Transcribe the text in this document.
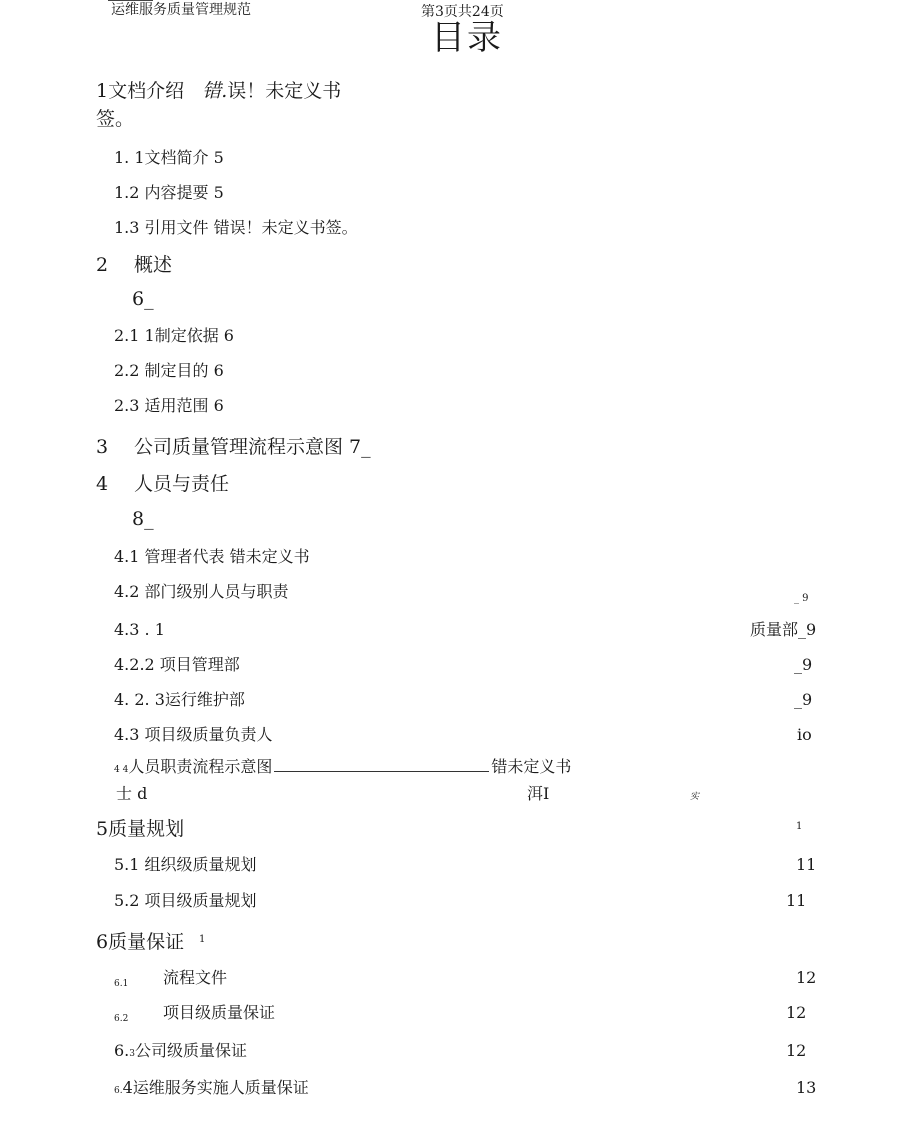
运维服务质量管理规范	第3页共24页
目录
1文档介绍 错.误！未定义书
签。
1. 1文档简介 5
1.2 内容提要 5
1.3 引用文件 错误！未定义书签。
2 概述
6_
2.1 1制定依据 6
2.2 制定目的 6
2.3 适用范围 6
3 公司质量管理流程示意图 7_
4 人员与责任
8_
4.1 管理者代表 错未定义书
4.2 部门级别人员与职责	_ 9
4.3 . 1	质量部_9
4.2.2 项目管理部	_9
4. 2. 3运行维护部	_9
4.3 项目级质量负责人	io
4 4人员职责流程示意图	错未定义书
士 d	洱I	实
5质量规划	1
5.1 组织级质量规划	11
5.2 项目级质量规划	11
6质量保证 1
6.1 流程文件	12
6.2 项目级质量保证	12
6.3公司级质量保证	12
6.4运维服务实施人质量保证	13
